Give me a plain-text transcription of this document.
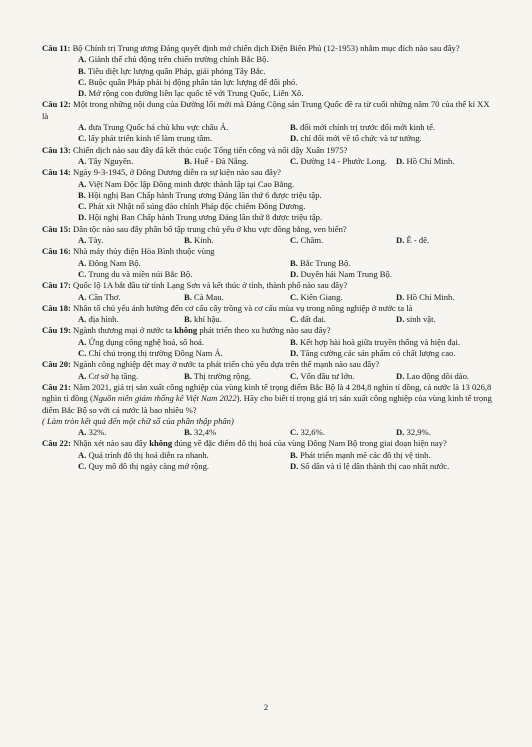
Câu 11: Bộ Chính trị Trung ương Đảng quyết định mở chiến dịch Điện Biên Phủ (12-1953) nhằm mục đích nào sau đây?

A. Giành thế chủ động trên chiến trường chính Bắc Bộ.

B. Tiêu diệt lực lượng quân Pháp, giải phóng Tây Bắc.

C. Buộc quân Pháp phải bị động phân tán lực lượng để đối phó.

D. Mở rộng con đường liên lạc quốc tế với Trung Quốc, Liên Xô.

Câu 12: Một trong những nội dung của Đường lối mới mà Đảng Cộng sản Trung Quốc đề ra từ cuối những năm 70 của thế kỉ XX là

A. đưa Trung Quốc bá chủ khu vực châu Á.	B. đổi mới chính trị trước đổi mới kinh tế.
C. lấy phát triển kinh tế làm trung tâm.	D. chỉ đổi mới về tổ chức và tư tưởng.

Câu 13: Chiến dịch nào sau đây đã kết thúc cuộc Tổng tiến công và nổi dậy Xuân 1975?

A. Tây Nguyên.	B. Huế - Đà Nẵng.	C. Đường 14 - Phước Long.	D. Hồ Chí Minh.

Câu 14: Ngày 9-3-1945, ở Đông Dương diễn ra sự kiện nào sau đây?

A. Việt Nam Độc lập Đồng minh được thành lập tại Cao Bằng.

B. Hội nghị Ban Chấp hành Trung ương Đảng lần thứ 6 được triệu tập.

C. Phát xít Nhật nổ súng đảo chính Pháp độc chiếm Đông Dương.

D. Hội nghị Ban Chấp hành Trung ương Đảng lần thứ 8 được triệu tập.

Câu 15: Dân tộc nào sau đây phân bố tập trung chủ yếu ở khu vực đồng bằng, ven biển?

A. Tày.	B. Kinh.	C. Chăm.	D. Ê - đê.

Câu 16: Nhà máy thủy điện Hòa Bình thuộc vùng

A. Đông Nam Bộ.	B. Bắc Trung Bộ.
C. Trung du và miền núi Bắc Bộ.	D. Duyên hải Nam Trung Bộ.

Câu 17: Quốc lộ 1A bắt đầu từ tỉnh Lạng Sơn và kết thúc ở tỉnh, thành phố nào sau đây?

A. Cần Thơ.	B. Cà Mau.	C. Kiên Giang.	D. Hồ Chí Minh.

Câu 18: Nhân tố chủ yếu ảnh hưởng đến cơ cấu cây trồng và cơ cấu mùa vụ trong nông nghiệp ở nước ta là

A. địa hình.	B. khí hậu.	C. đất đai.	D. sinh vật.

Câu 19: Ngành thương mại ở nước ta không phát triển theo xu hướng nào sau đây?

A. Ứng dụng công nghệ hoá, số hoá.	B. Kết hợp hài hoà giữa truyền thống và hiện đại.
C. Chỉ chú trọng thị trường Đông Nam Á.	D. Tăng cường các sản phẩm có chất lượng cao.

Câu 20: Ngành công nghiệp dệt may ở nước ta phát triển chủ yếu dựa trên thế mạnh nào sau đây?

A. Cơ sở hạ tầng.	B. Thị trường rộng.	C. Vốn đầu tư lớn.	D. Lao động dồi dào.

Câu 21: Năm 2021, giá trị sản xuất công nghiệp của vùng kinh tế trọng điểm Bắc Bộ là 4 284,8 nghìn tỉ đồng, cả nước là 13 026,8 nghìn tỉ đồng (Nguồn niên giám thống kê Việt Nam 2022). Hãy cho biết tỉ trọng giá trị sản xuất công nghiệp của vùng kinh tế trọng điểm Bắc Bộ so với cả nước là bao nhiêu %?

( Làm tròn kết quả đến một chữ số của phần thập phân)

A. 32%.	B. 32,4%	C. 32,6%.	D. 32,9%.

Câu 22: Nhận xét nào sau đây không đúng về đặc điểm đô thị hoá của vùng Đông Nam Bộ trong giai đoạn hiện nay?

A. Quá trình đô thị hoá diễn ra nhanh.	B. Phát triển mạnh mẽ các đô thị vệ tinh.
C. Quy mô đô thị ngày càng mở rộng.	D. Số dân và tỉ lệ dân thành thị cao nhất nước.
2
